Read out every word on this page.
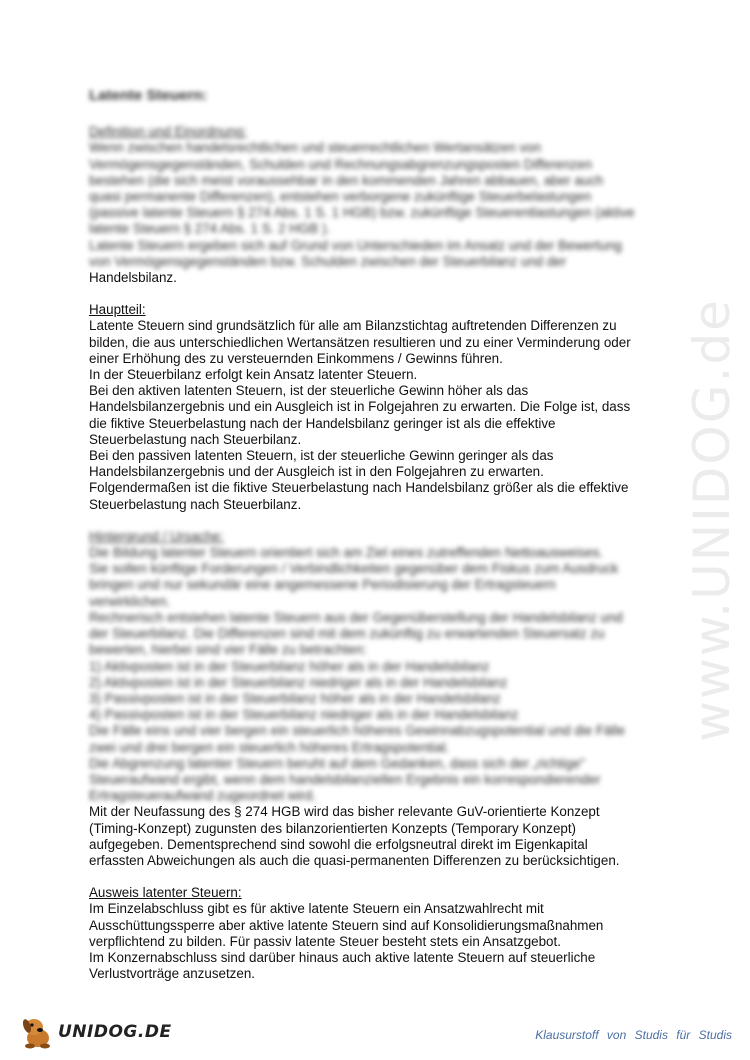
www.UNIDOG.de
Latente Steuern:
Definition und Einordnung:
Wenn zwischen handelsrechtlichen und steuerrechtlichen Wertansätzen von
Vermögensgegenständen, Schulden und Rechnungsabgrenzungsposten Differenzen
bestehen (die sich meist voraussehbar in den kommenden Jahren abbauen, aber auch
quasi permanente Differenzen), entstehen verborgene zukünftige Steuerbelastungen
(passive latente Steuern § 274 Abs. 1 S. 1 HGB) bzw. zukünftige Steuerentlastungen (aktive
latente Steuern § 274 Abs. 1 S. 2 HGB ).
Latente Steuern ergeben sich auf Grund von Unterschieden im Ansatz und der Bewertung
von Vermögensgegenständen bzw. Schulden zwischen der Steuerbilanz und der
Handelsbilanz.
Hauptteil:
Latente Steuern sind grundsätzlich für alle am Bilanzstichtag auftretenden Differenzen zu
bilden, die aus unterschiedlichen Wertansätzen resultieren und zu einer Verminderung oder
einer Erhöhung des zu versteuernden Einkommens / Gewinns führen.
In der Steuerbilanz erfolgt kein Ansatz latenter Steuern.
Bei den aktiven latenten Steuern, ist der steuerliche Gewinn höher als das
Handelsbilanzergebnis und ein Ausgleich ist in Folgejahren zu erwarten. Die Folge ist, dass
die fiktive Steuerbelastung nach der Handelsbilanz geringer ist als die effektive
Steuerbelastung nach Steuerbilanz.
Bei den passiven latenten Steuern, ist der steuerliche Gewinn geringer als das
Handelsbilanzergebnis und der Ausgleich ist in den Folgejahren zu erwarten.
Folgendermaßen ist die fiktive Steuerbelastung nach Handelsbilanz größer als die effektive
Steuerbelastung nach Steuerbilanz.
Hintergrund / Ursache:
Die Bildung latenter Steuern orientiert sich am Ziel eines zutreffenden Nettoausweises.
Sie sollen künftige Forderungen / Verbindlichkeiten gegenüber dem Fiskus zum Ausdruck
bringen und nur sekundär eine angemessene Periodisierung der Ertragsteuern
verwirklichen.
Rechnerisch entstehen latente Steuern aus der Gegenüberstellung der Handelsbilanz und
der Steuerbilanz. Die Differenzen sind mit dem zukünftig zu erwartenden Steuersatz zu
bewerten, hierbei sind vier Fälle zu betrachten:
1) Aktivposten ist in der Steuerbilanz höher als in der Handelsbilanz
2) Aktivposten ist in der Steuerbilanz niedriger als in der Handelsbilanz
3) Passivposten ist in der Steuerbilanz höher als in der Handelsbilanz
4) Passivposten ist in der Steuerbilanz niedriger als in der Handelsbilanz
Die Fälle eins und vier bergen ein steuerlich höheres Gewinnabzugspotential und die Fälle
zwei und drei bergen ein steuerlich höheres Ertragspotential.
Die Abgrenzung latenter Steuern beruht auf dem Gedanken, dass sich der „richtige"
Steueraufwand ergibt, wenn dem handelsbilanziellen Ergebnis ein korrespondierender
Ertragsteueraufwand zugeordnet wird.
Mit der Neufassung des § 274 HGB wird das bisher relevante GuV-orientierte Konzept
(Timing-Konzept) zugunsten des bilanzorientierten Konzepts (Temporary Konzept)
aufgegeben. Dementsprechend sind sowohl die erfolgsneutral direkt im Eigenkapital
erfassten Abweichungen als auch die quasi-permanenten Differenzen zu berücksichtigen.
Ausweis latenter Steuern:
Im Einzelabschluss gibt es für aktive latente Steuern ein Ansatzwahlrecht mit
Ausschüttungssperre aber aktive latente Steuern sind auf Konsolidierungsmaßnahmen
verpflichtend zu bilden. Für passiv latente Steuer besteht stets ein Ansatzgebot.
Im Konzernabschluss sind darüber hinaus auch aktive latente Steuern auf steuerliche
Verlustvorträge anzusetzen.
UNIDOG.DE	Klausurstoff von Studis für Studis
